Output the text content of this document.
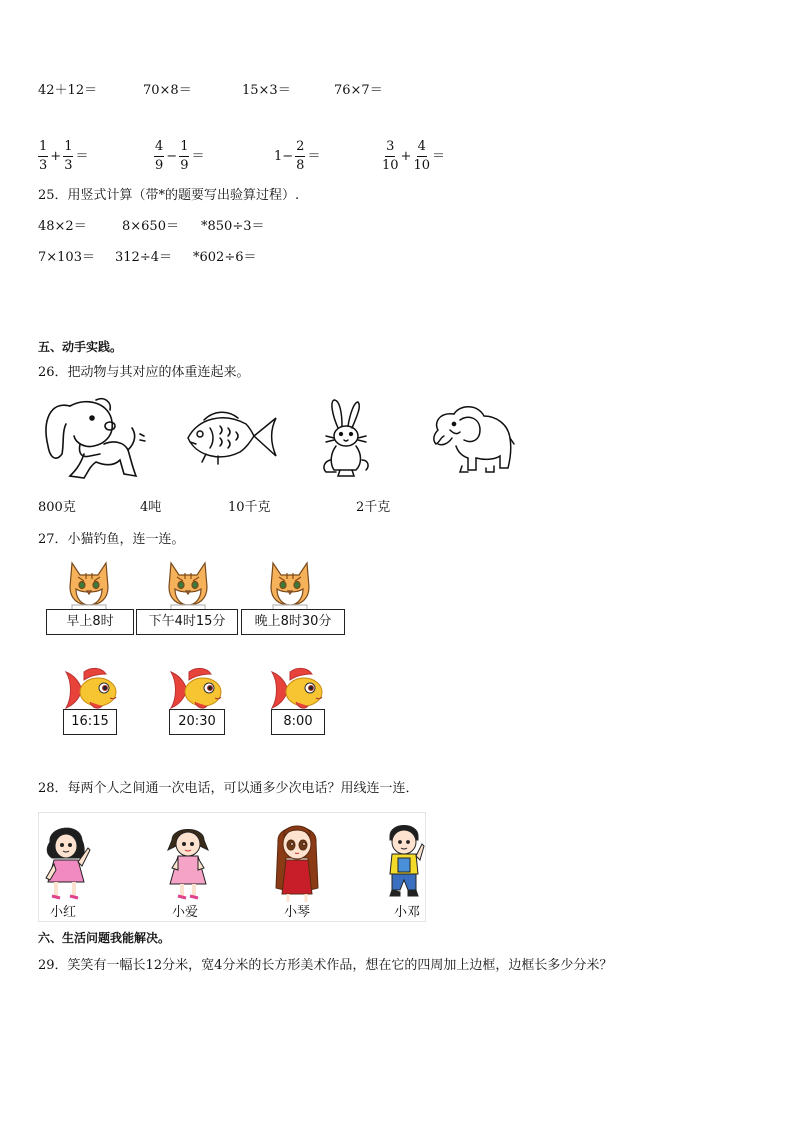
42＋12＝	70×8＝	15×3＝	76×7＝
$\frac{1}{3} + \frac{1}{3}$ ＝	$\frac{4}{9} - \frac{1}{9}$ ＝	$1- \frac{2}{8}$ ＝	$\frac{3}{10} + \frac{4}{10}$ ＝
25．用竖式计算（带*的题要写出验算过程）.
48×2＝	8×650＝ *850÷3＝
7×103＝ 312÷4＝ *602÷6＝
五、动手实践。
26．把动物与其对应的体重连起来。
800克	4吨	10千克	2千克
27．小猫钓鱼，连一连。
早上8时	下午4时15分	晚上8时30分
16:15	20:30	8:00
28．每两个人之间通一次电话，可以通多少次电话？用线连一连．
小红	小爱	小琴	小邓
六、生活问题我能解决。
29．笑笑有一幅长12分米，宽4分米的长方形美术作品，想在它的四周加上边框，边框长多少分米？
